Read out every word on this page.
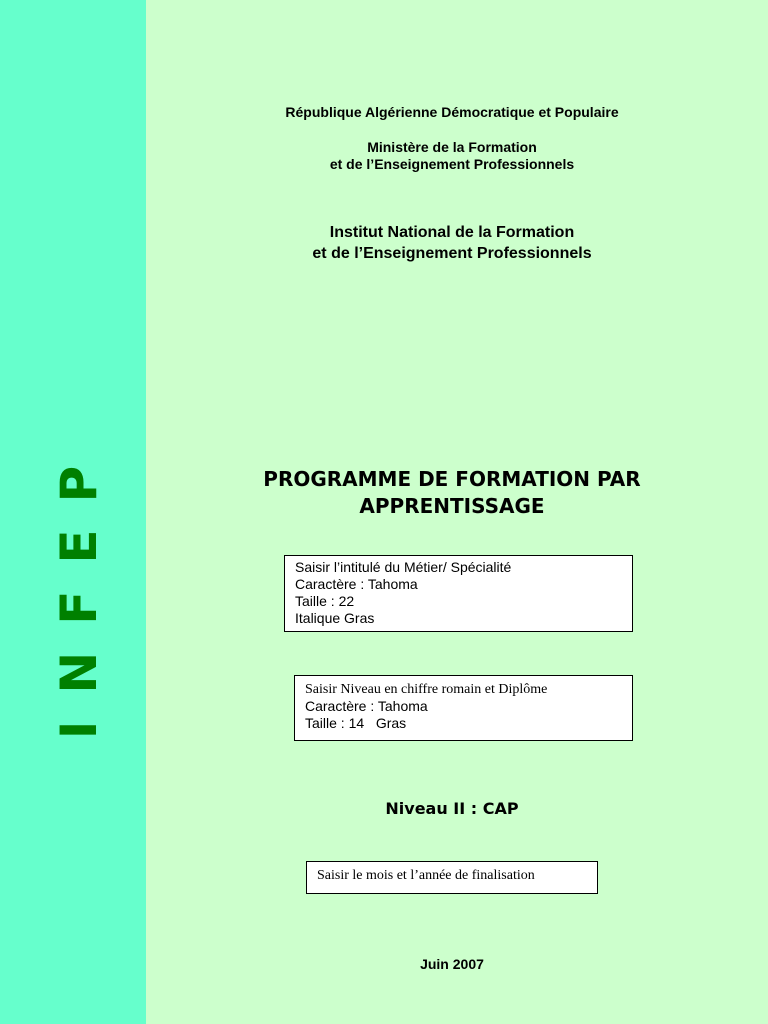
INFEP
République Algérienne Démocratique et Populaire
Ministère de la Formation
et de l’Enseignement Professionnels
Institut National de la Formation
et de l’Enseignement Professionnels
PROGRAMME DE FORMATION PAR
APPRENTISSAGE
Saisir l’intitulé du Métier/ Spécialité
Caractère : Tahoma
Taille : 22
Italique Gras
Saisir Niveau en chiffre romain et Diplôme
Caractère : Tahoma
Taille : 14   Gras
Niveau II : CAP
Saisir le mois et l’année de finalisation
Juin 2007
